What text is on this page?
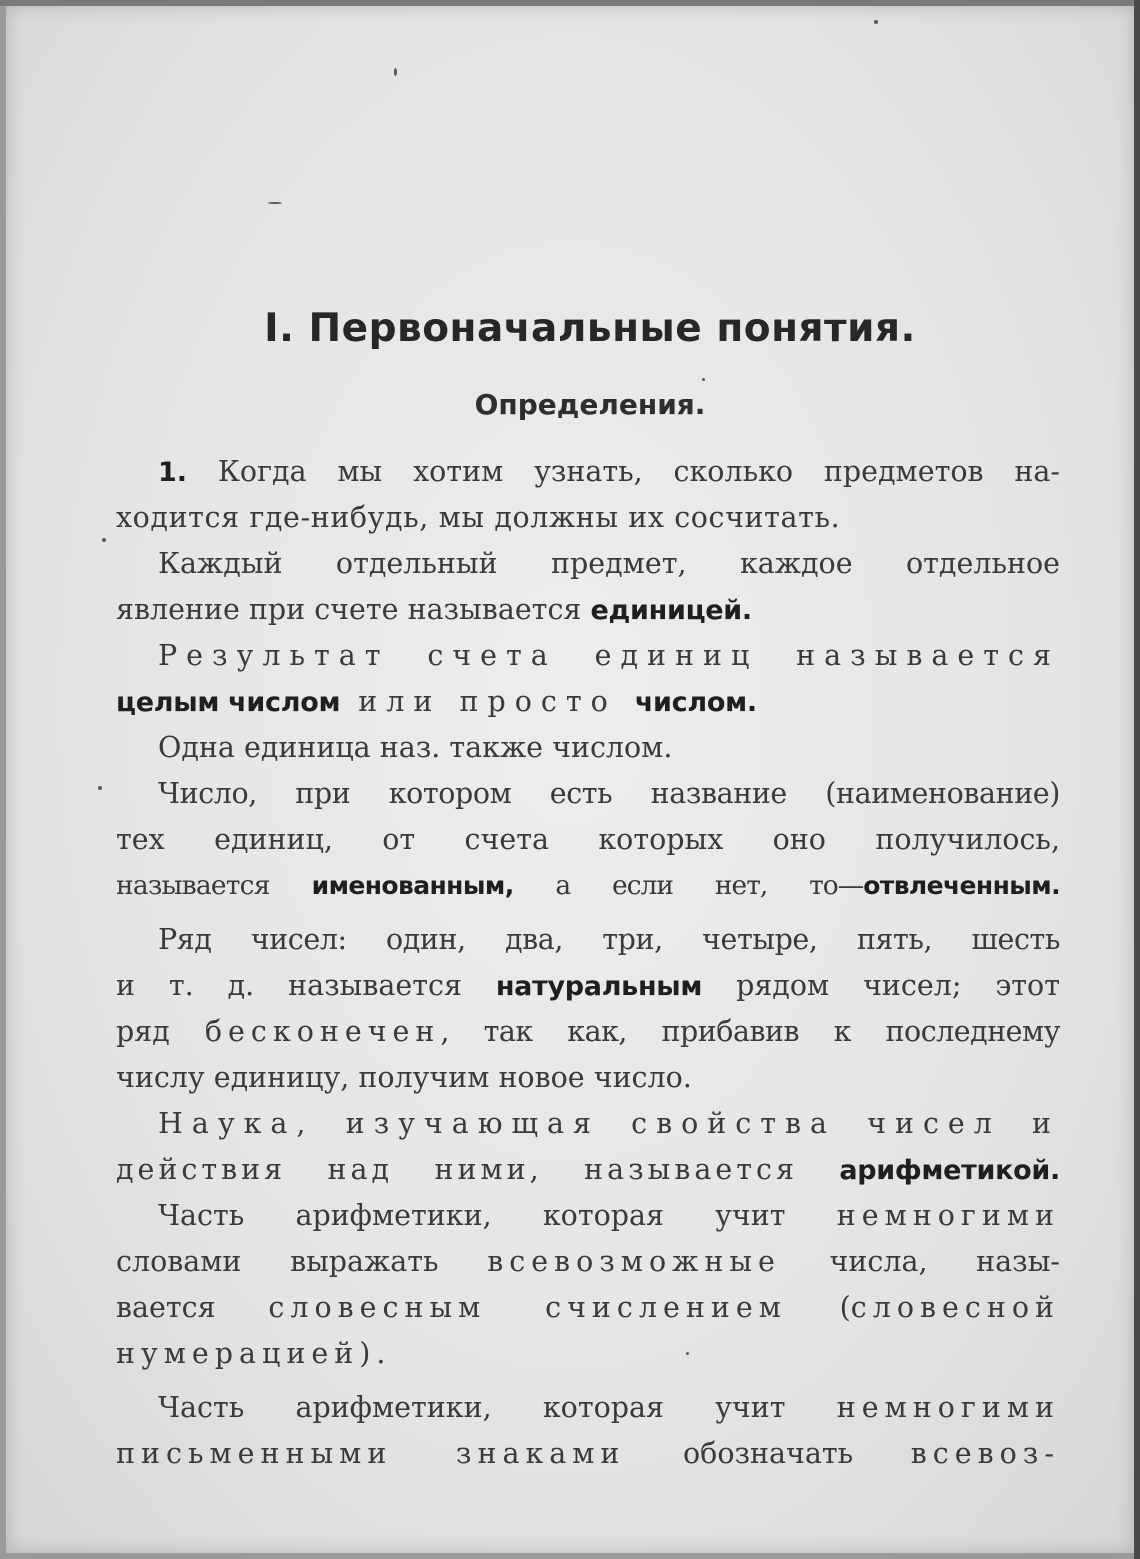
I. Первоначальные понятия.
Определения.
1. Когда мы хотим узнать, сколько предметов на-
ходится где-нибудь, мы должны их сосчитать.
Каждый отдельный предмет, каждое отдельное
явление при счете называется единицей.
Результат счета единиц называется
целым числом или просто числом.
Одна единица наз. также числом.
Число, при котором есть название (наименование)
тех единиц, от счета которых оно получилось,
называется именованным, а если нет, то—отвлеченным.
Ряд чисел: один, два, три, четыре, пять, шесть
и т. д. называется натуральным рядом чисел; этот
ряд бесконечен, так как, прибавив к последнему
числу единицу, получим новое число.
Наука, изучающая свойства чисел и
действия над ними, называется арифметикой.
Часть арифметики, которая учит немногими
словами выражать всевозможные числа, назы-
вается словесным счислением (словесной
нумерацией).
Часть арифметики, которая учит немногими
письменными знаками обозначать всевоз-
